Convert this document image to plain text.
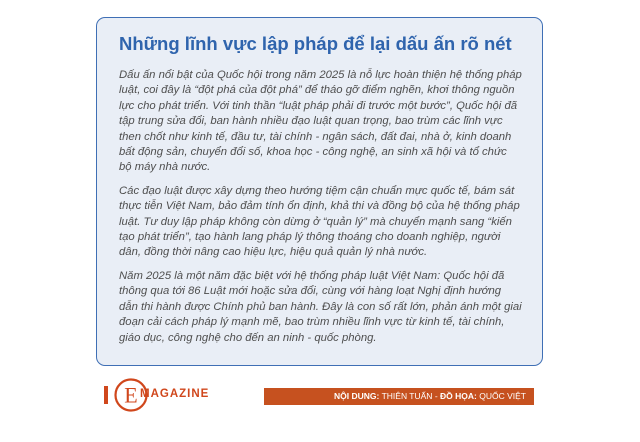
Những lĩnh vực lập pháp để lại dấu ấn rõ nét

Dấu ấn nổi bật của Quốc hội trong năm 2025 là nỗ lực hoàn thiện hệ thống pháp luật, coi đây là “đột phá của đột phá” để tháo gỡ điểm nghẽn, khơi thông nguồn lực cho phát triển. Với tinh thần “luật pháp phải đi trước một bước”, Quốc hội đã tập trung sửa đổi, ban hành nhiều đạo luật quan trọng, bao trùm các lĩnh vực then chốt như kinh tế, đầu tư, tài chính - ngân sách, đất đai, nhà ở, kinh doanh bất động sản, chuyển đổi số, khoa học - công nghệ, an sinh xã hội và tổ chức bộ máy nhà nước.

Các đạo luật được xây dựng theo hướng tiệm cận chuẩn mực quốc tế, bám sát thực tiễn Việt Nam, bảo đảm tính ổn định, khả thi và đồng bộ của hệ thống pháp luật. Tư duy lập pháp không còn dừng ở “quản lý” mà chuyển mạnh sang “kiến tạo phát triển”, tạo hành lang pháp lý thông thoáng cho doanh nghiệp, người dân, đồng thời nâng cao hiệu lực, hiệu quả quản lý nhà nước.

Năm 2025 là một năm đặc biệt với hệ thống pháp luật Việt Nam: Quốc hội đã thông qua tới 86 Luật mới hoặc sửa đổi, cùng với hàng loạt Nghị định hướng dẫn thi hành được Chính phủ ban hành. Đây là con số rất lớn, phản ánh một giai đoạn cải cách pháp lý mạnh mẽ, bao trùm nhiều lĩnh vực từ kinh tế, tài chính, giáo dục, công nghệ cho đến an ninh - quốc phòng.

E MAGAZINE	NỘI DUNG: THIÊN TUẤN - ĐỒ HỌA: QUỐC VIỆT
